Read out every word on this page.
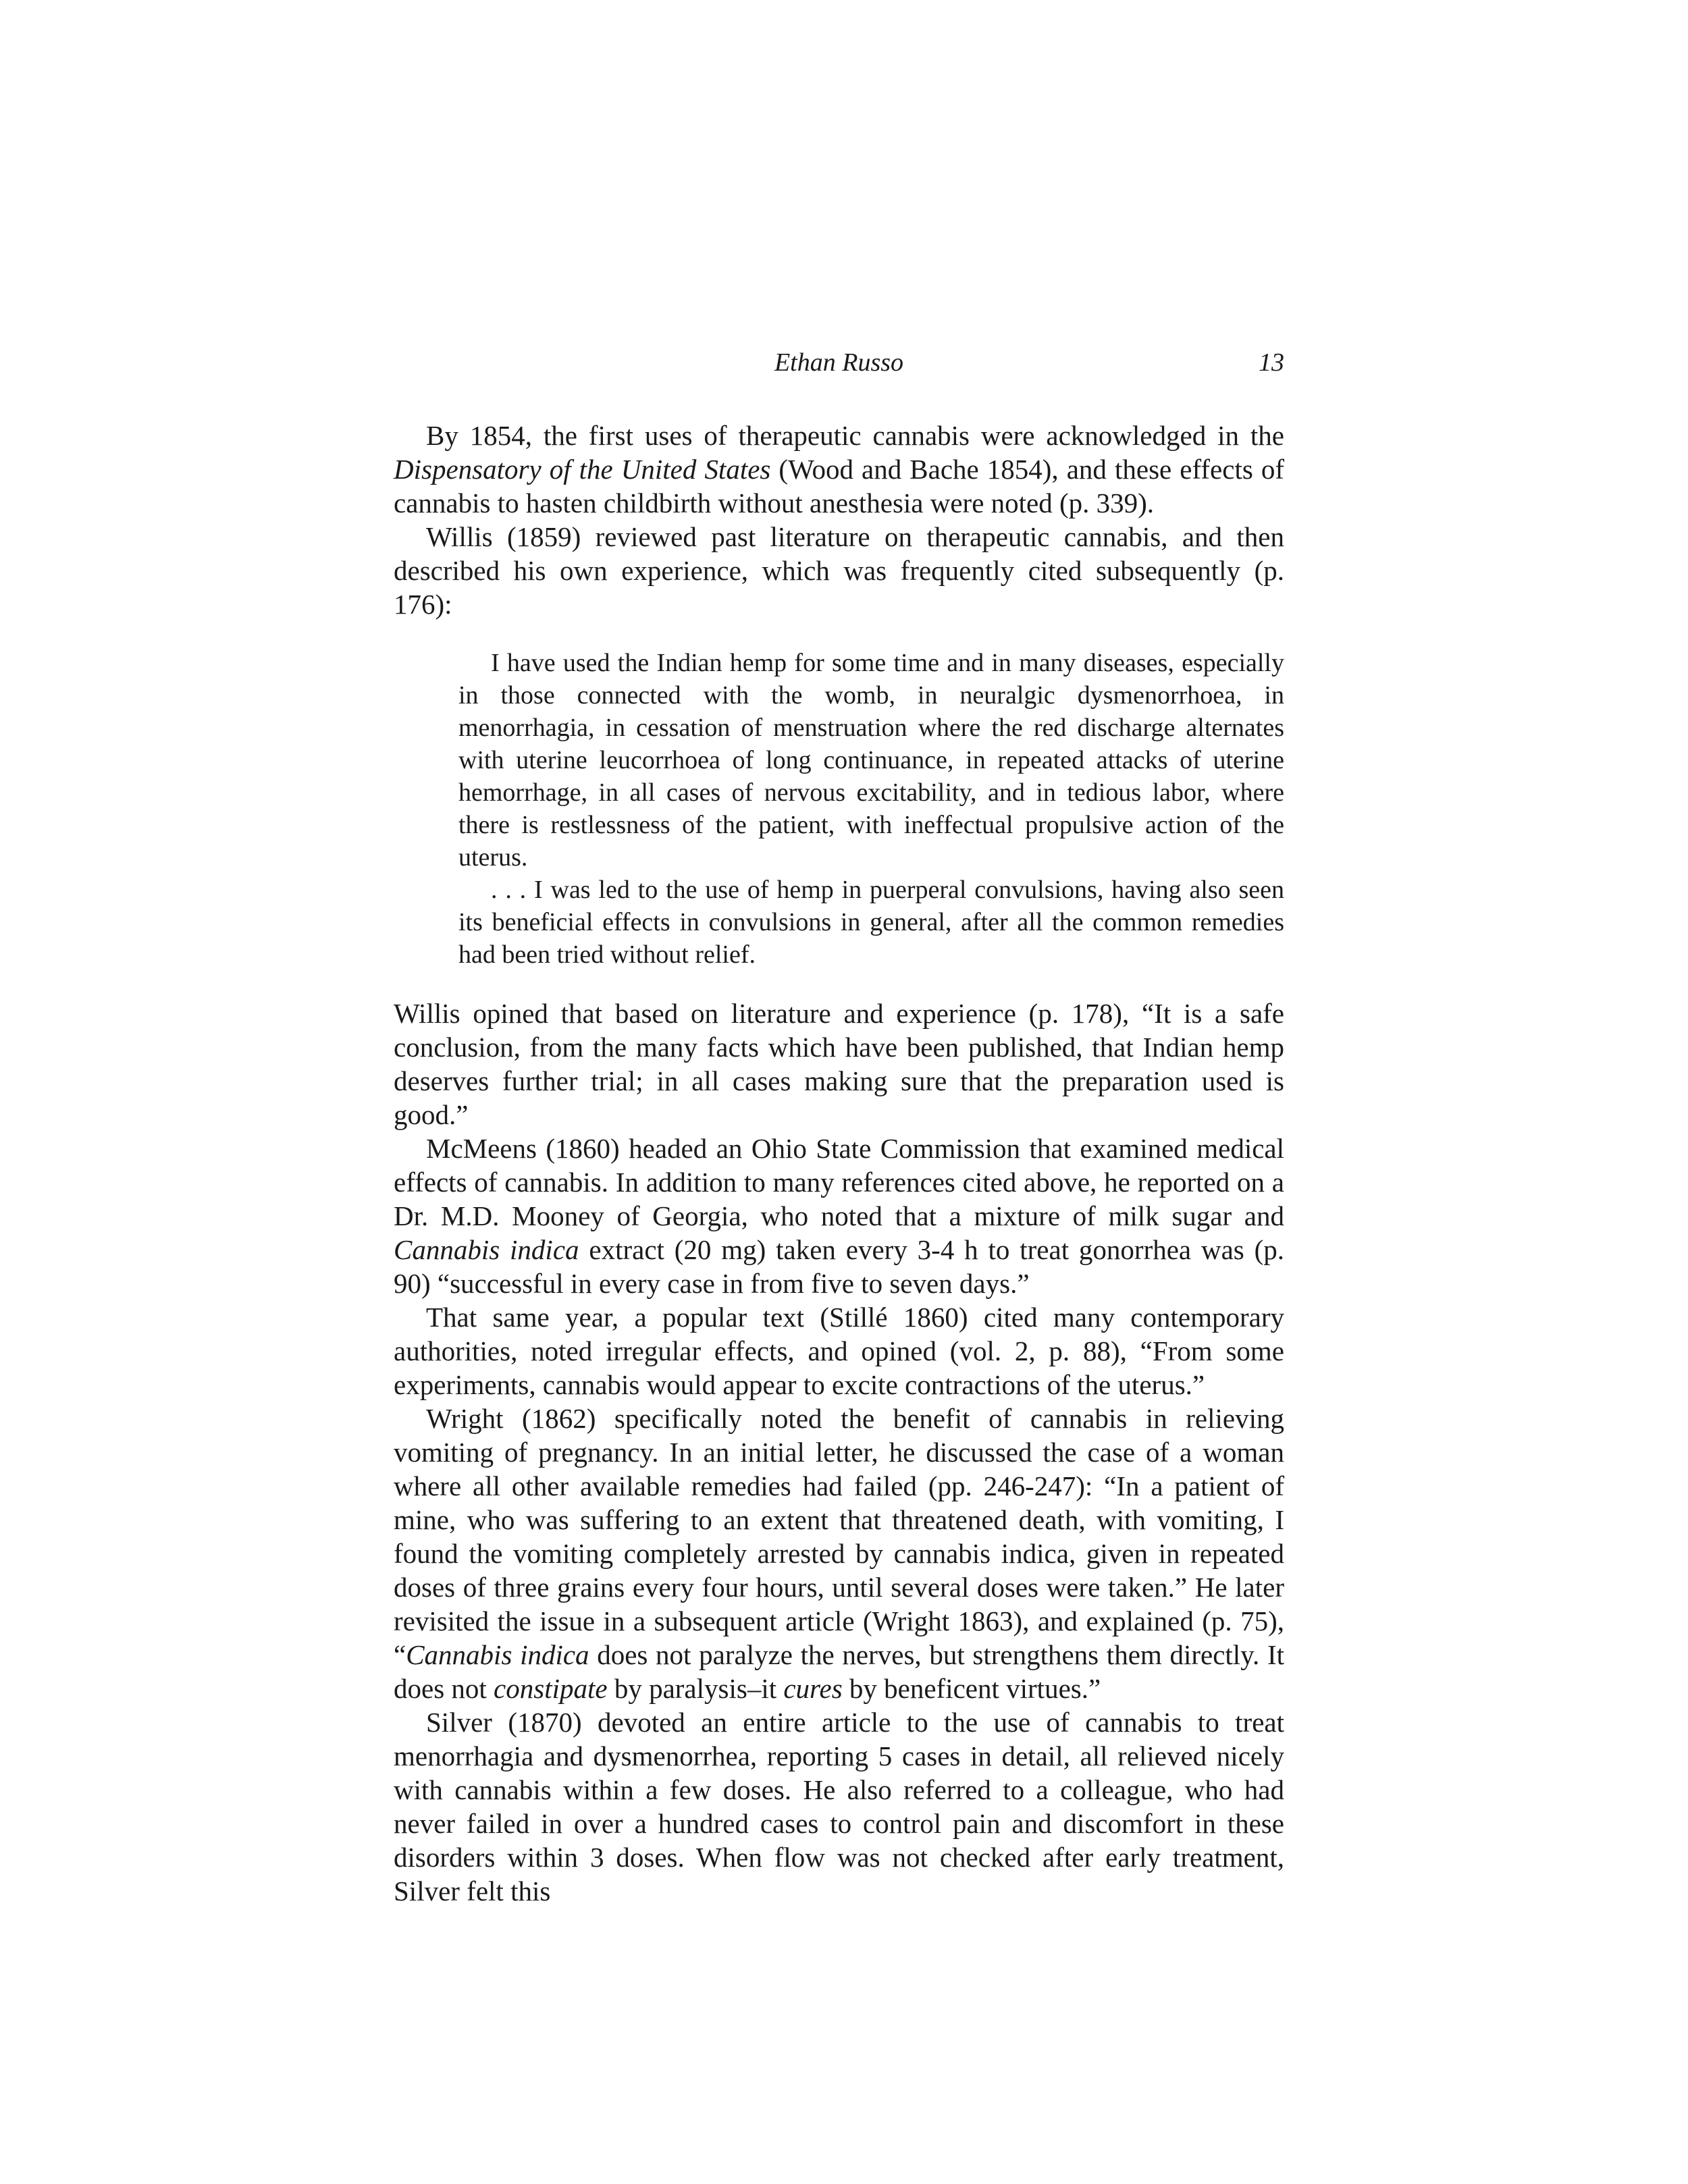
Ethan Russo	13

By 1854, the first uses of therapeutic cannabis were acknowledged in the Dispensatory of the United States (Wood and Bache 1854), and these effects of cannabis to hasten childbirth without anesthesia were noted (p. 339).

Willis (1859) reviewed past literature on therapeutic cannabis, and then described his own experience, which was frequently cited subsequently (p. 176):

I have used the Indian hemp for some time and in many diseases, especially in those connected with the womb, in neuralgic dysmenorrhoea, in menorrhagia, in cessation of menstruation where the red discharge alternates with uterine leucorrhoea of long continuance, in repeated attacks of uterine hemorrhage, in all cases of nervous excitability, and in tedious labor, where there is restlessness of the patient, with ineffectual propulsive action of the uterus.

. . . I was led to the use of hemp in puerperal convulsions, having also seen its beneficial effects in convulsions in general, after all the common remedies had been tried without relief.

Willis opined that based on literature and experience (p. 178), “It is a safe conclusion, from the many facts which have been published, that Indian hemp deserves further trial; in all cases making sure that the preparation used is good.”

McMeens (1860) headed an Ohio State Commission that examined medical effects of cannabis. In addition to many references cited above, he reported on a Dr. M.D. Mooney of Georgia, who noted that a mixture of milk sugar and Cannabis indica extract (20 mg) taken every 3-4 h to treat gonorrhea was (p. 90) “successful in every case in from five to seven days.”

That same year, a popular text (Stillé 1860) cited many contemporary authorities, noted irregular effects, and opined (vol. 2, p. 88), “From some experiments, cannabis would appear to excite contractions of the uterus.”

Wright (1862) specifically noted the benefit of cannabis in relieving vomiting of pregnancy. In an initial letter, he discussed the case of a woman where all other available remedies had failed (pp. 246-247): “In a patient of mine, who was suffering to an extent that threatened death, with vomiting, I found the vomiting completely arrested by cannabis indica, given in repeated doses of three grains every four hours, until several doses were taken.” He later revisited the issue in a subsequent article (Wright 1863), and explained (p. 75), “Cannabis indica does not paralyze the nerves, but strengthens them directly. It does not constipate by paralysis–it cures by beneficent virtues.”

Silver (1870) devoted an entire article to the use of cannabis to treat menorrhagia and dysmenorrhea, reporting 5 cases in detail, all relieved nicely with cannabis within a few doses. He also referred to a colleague, who had never failed in over a hundred cases to control pain and discomfort in these disorders within 3 doses. When flow was not checked after early treatment, Silver felt this
